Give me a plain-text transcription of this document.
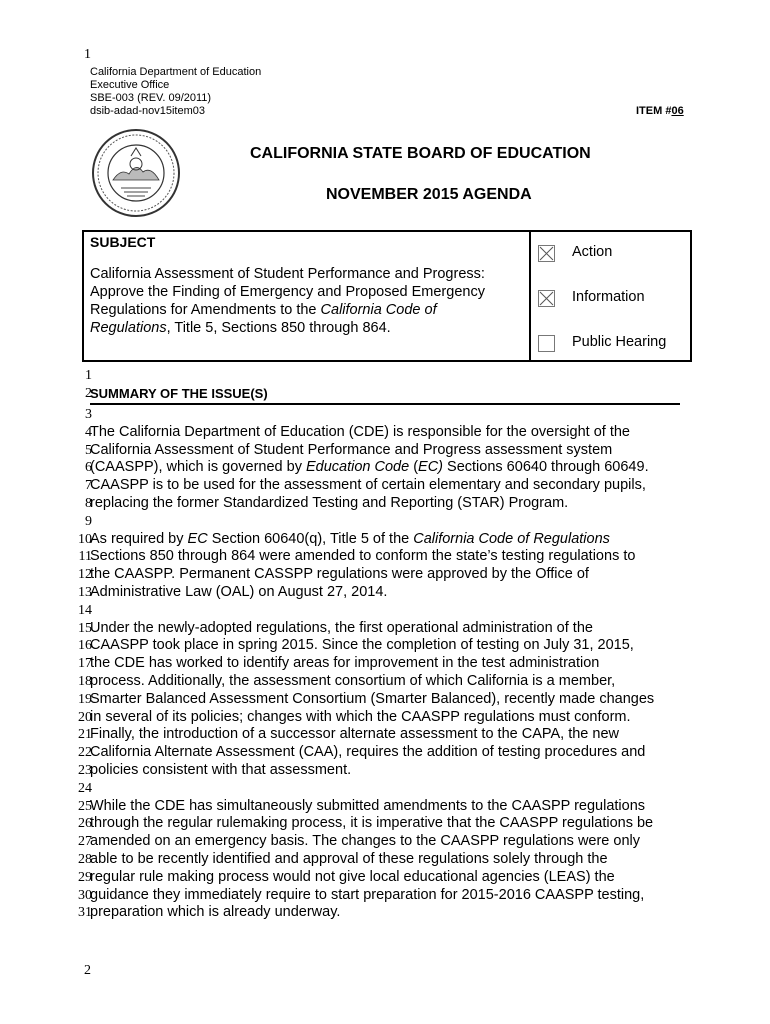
1
California Department of Education
Executive Office
SBE-003 (REV. 09/2011)
dsib-adad-nov15item03	ITEM #06
CALIFORNIA STATE BOARD OF EDUCATION
NOVEMBER 2015 AGENDA
SUBJECT
California Assessment of Student Performance and Progress:
Approve the Finding of Emergency and Proposed Emergency
Regulations for Amendments to the California Code of
Regulations, Title 5, Sections 850 through 864.
Action
Information
Public Hearing
1
2
SUMMARY OF THE ISSUE(S)
3
4
The California Department of Education (CDE) is responsible for the oversight of the
5
California Assessment of Student Performance and Progress assessment system
6
(CAASPP), which is governed by Education Code (EC) Sections 60640 through 60649.
7
CAASPP is to be used for the assessment of certain elementary and secondary pupils,
8
replacing the former Standardized Testing and Reporting (STAR) Program.
9
10
As required by EC Section 60640(q), Title 5 of the California Code of Regulations
11
Sections 850 through 864 were amended to conform the state’s testing regulations to
12
the CAASPP. Permanent CASSPP regulations were approved by the Office of
13
Administrative Law (OAL) on August 27, 2014.
14
15
Under the newly-adopted regulations, the first operational administration of the
16
CAASPP took place in spring 2015. Since the completion of testing on July 31, 2015,
17
the CDE has worked to identify areas for improvement in the test administration
18
process. Additionally, the assessment consortium of which California is a member,
19
Smarter Balanced Assessment Consortium (Smarter Balanced), recently made changes
20
in several of its policies; changes with which the CAASPP regulations must conform.
21
Finally, the introduction of a successor alternate assessment to the CAPA, the new
22
California Alternate Assessment (CAA), requires the addition of testing procedures and
23
policies consistent with that assessment.
24
25
While the CDE has simultaneously submitted amendments to the CAASPP regulations
26
through the regular rulemaking process, it is imperative that the CAASPP regulations be
27
amended on an emergency basis. The changes to the CAASPP regulations were only
28
able to be recently identified and approval of these regulations solely through the
29
regular rule making process would not give local educational agencies (LEAS) the
30
guidance they immediately require to start preparation for 2015-2016 CAASPP testing,
31
preparation which is already underway.
2
